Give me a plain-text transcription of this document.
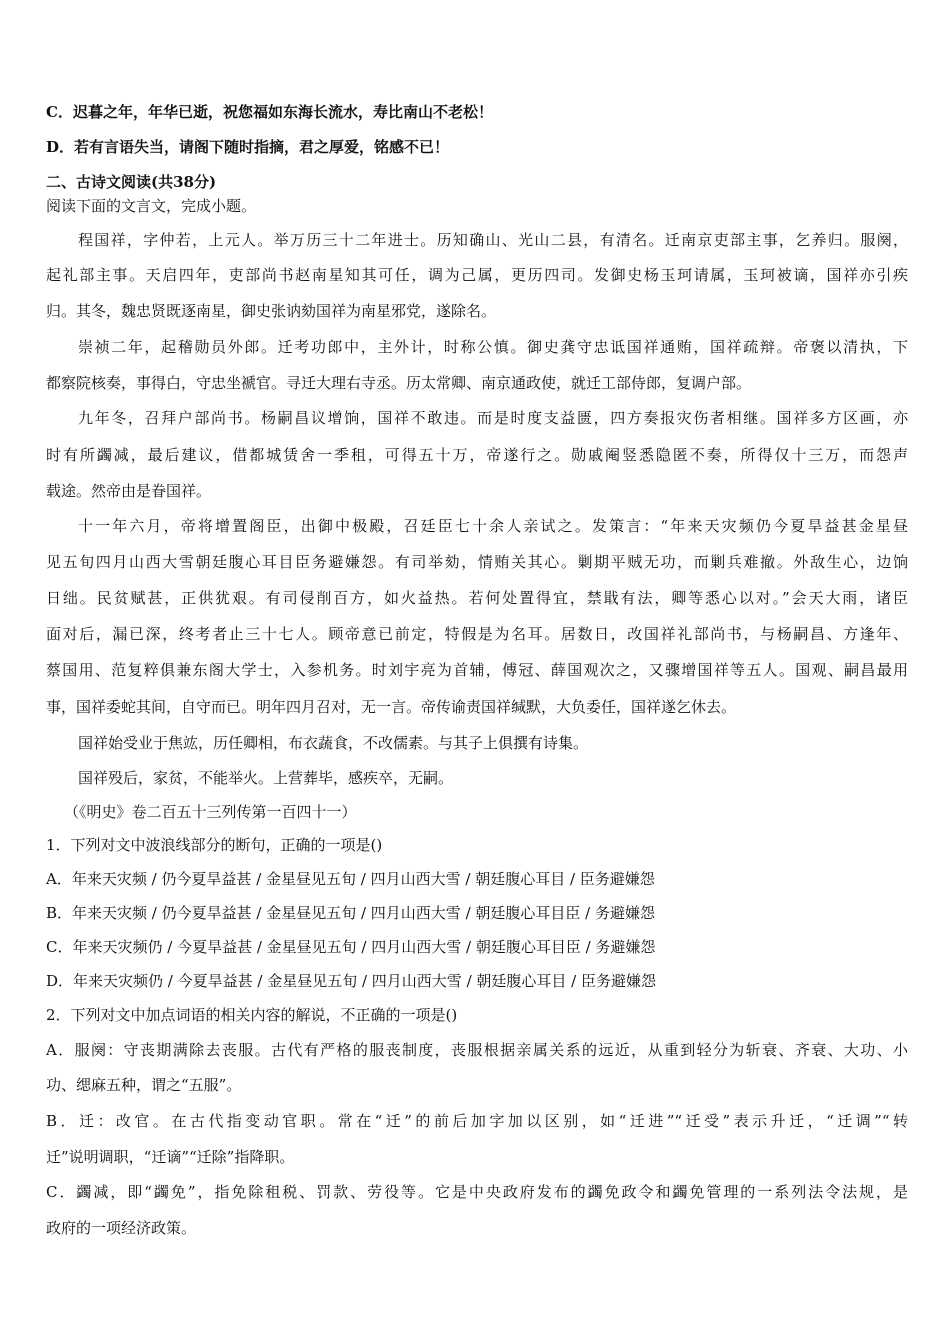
C．迟暮之年，年华已逝，祝您福如东海长流水，寿比南山不老松！
D．若有言语失当，请阁下随时指摘，君之厚爱，铭感不已！
二、古诗文阅读(共38分)
阅读下面的文言文，完成小题。
程国祥，字仲若，上元人。举万历三十二年进士。历知确山、光山二县，有清名。迁南京吏部主事，乞养归。服阕，
起礼部主事。天启四年，吏部尚书赵南星知其可任，调为己属，更历四司。发御史杨玉珂请属，玉珂被谪，国祥亦引疾
归。其冬，魏忠贤既逐南星，御史张讷劾国祥为南星邪党，遂除名。
崇祯二年，起稽勋员外郎。迁考功郎中，主外计，时称公慎。御史龚守忠诋国祥通贿，国祥疏辩。帝褒以清执，下
都察院核奏，事得白，守忠坐褫官。寻迁大理右寺丞。历太常卿、南京通政使，就迁工部侍郎，复调户部。
九年冬，召拜户部尚书。杨嗣昌议增饷，国祥不敢违。而是时度支益匮，四方奏报灾伤者相继。国祥多方区画，亦
时有所蠲减，最后建议，借都城赁舍一季租，可得五十万，帝遂行之。勋戚阉竖悉隐匿不奏，所得仅十三万，而怨声
载途。然帝由是眷国祥。
十一年六月，帝将增置阁臣，出御中极殿，召廷臣七十余人亲试之。发策言：“年来天灾频仍今夏旱益甚金星昼
见五旬四月山西大雪朝廷腹心耳目臣务避嫌怨。有司举劾，情贿关其心。剿期平贼无功，而剿兵难撤。外敌生心，边饷
日绌。民贫赋甚，正供犹艰。有司侵削百方，如火益热。若何处置得宜，禁戢有法，卿等悉心以对。”会天大雨，诸臣
面对后，漏已深，终考者止三十七人。顾帝意已前定，特假是为名耳。居数日，改国祥礼部尚书，与杨嗣昌、方逢年、
蔡国用、范复粹俱兼东阁大学士，入参机务。时刘宇亮为首辅，傅冠、薛国观次之，又骤增国祥等五人。国观、嗣昌最用
事，国祥委蛇其间，自守而已。明年四月召对，无一言。帝传谕责国祥缄默，大负委任，国祥遂乞休去。
国祥始受业于焦竑，历任卿相，布衣蔬食，不改儒素。与其子上俱撰有诗集。
国祥殁后，家贫，不能举火。上营葬毕，感疾卒，无嗣。
（《明史》卷二百五十三列传第一百四十一）
1．下列对文中波浪线部分的断句，正确的一项是()
A．年来天灾频 / 仍今夏旱益甚 / 金星昼见五旬 / 四月山西大雪 / 朝廷腹心耳目 / 臣务避嫌怨
B．年来天灾频 / 仍今夏旱益甚 / 金星昼见五旬 / 四月山西大雪 / 朝廷腹心耳目臣 / 务避嫌怨
C．年来天灾频仍 / 今夏旱益甚 / 金星昼见五旬 / 四月山西大雪 / 朝廷腹心耳目臣 / 务避嫌怨
D．年来天灾频仍 / 今夏旱益甚 / 金星昼见五旬 / 四月山西大雪 / 朝廷腹心耳目 / 臣务避嫌怨
2．下列对文中加点词语的相关内容的解说，不正确的一项是()
A．服阕：守丧期满除去丧服。古代有严格的服丧制度，丧服根据亲属关系的远近，从重到轻分为斩衰、齐衰、大功、小
功、缌麻五种，谓之“五服”。
B．迁：改官。在古代指变动官职。常在“迁”的前后加字加以区别，如“迁进”“迁受”表示升迁，“迁调”“转
迁”说明调职，“迁谪”“迁除”指降职。
C．蠲减，即“蠲免”，指免除租税、罚款、劳役等。它是中央政府发布的蠲免政令和蠲免管理的一系列法令法规，是
政府的一项经济政策。
